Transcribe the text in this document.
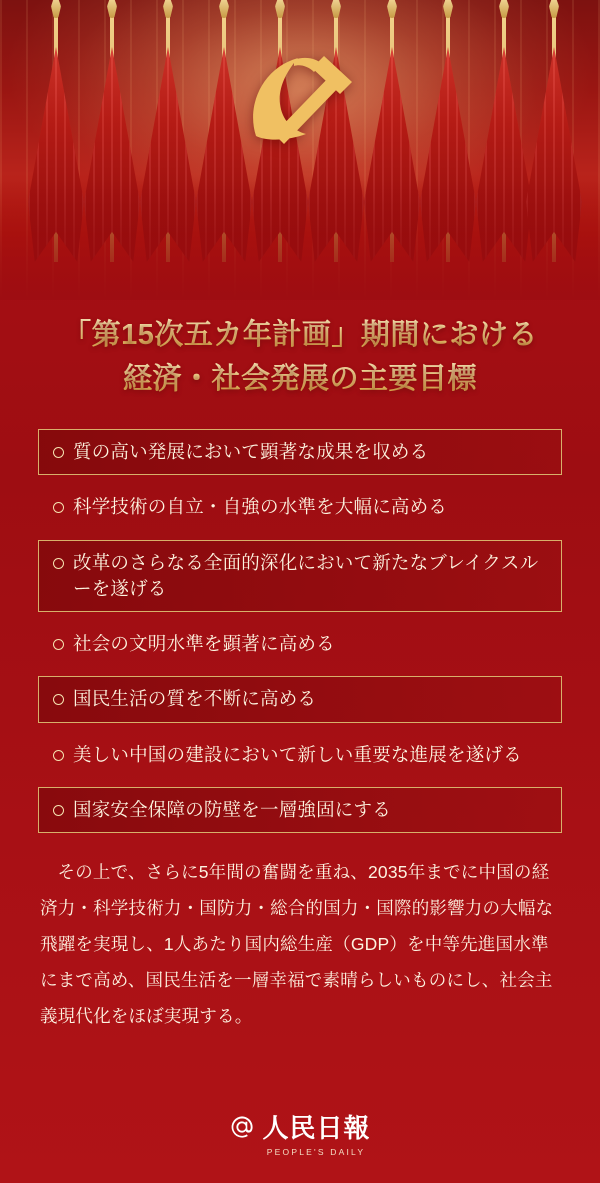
「第15次五カ年計画」期間における
経済・社会発展の主要目標
質の高い発展において顕著な成果を収める
科学技術の自立・自強の水準を大幅に高める
改革のさらなる全面的深化において新たなブレイクスルーを遂げる
社会の文明水準を顕著に高める
国民生活の質を不断に高める
美しい中国の建設において新しい重要な進展を遂げる
国家安全保障の防壁を一層強固にする
その上で、さらに5年間の奮闘を重ね、2035年までに中国の経済力・科学技術力・国防力・総合的国力・国際的影響力の大幅な飛躍を実現し、1人あたり国内総生産（GDP）を中等先進国水準にまで高め、国民生活を一層幸福で素晴らしいものにし、社会主義現代化をほぼ実現する。
人民日報
PEOPLE'S DAILY
